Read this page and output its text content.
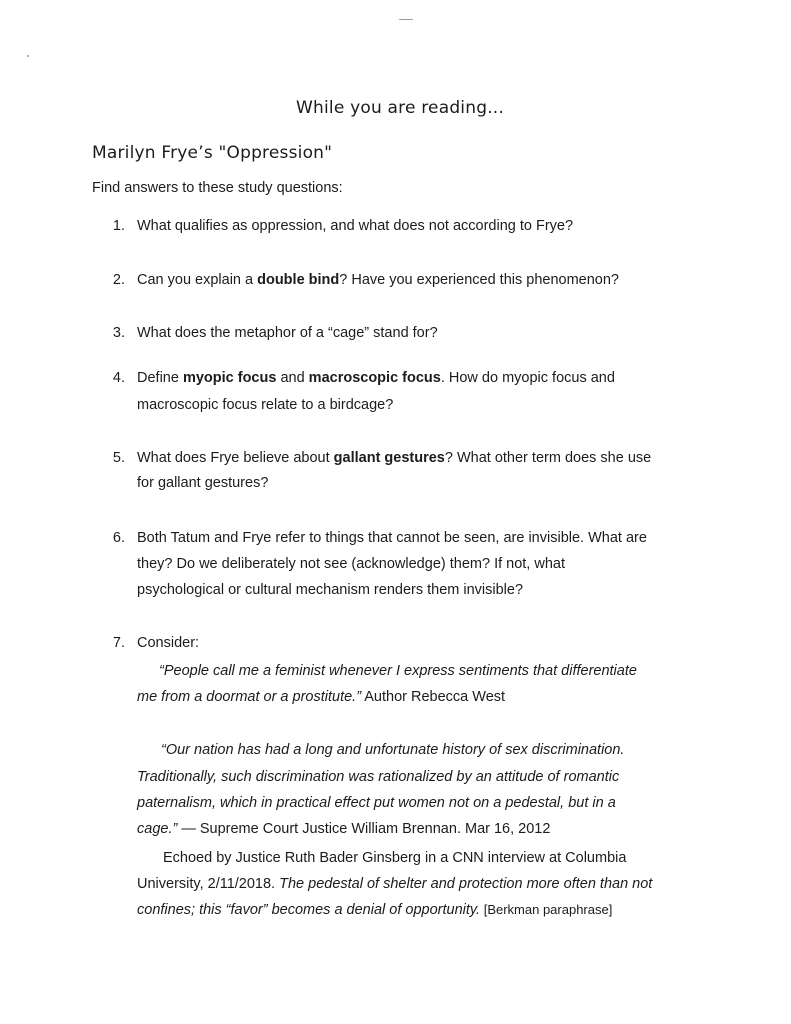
While you are reading...
Marilyn Frye’s "Oppression"
Find answers to these study questions:
1. What qualifies as oppression, and what does not according to Frye?
2. Can you explain a double bind? Have you experienced this phenomenon?
3. What does the metaphor of a “cage” stand for?
4. Define myopic focus and macroscopic focus. How do myopic focus and
macroscopic focus relate to a birdcage?
5. What does Frye believe about gallant gestures? What other term does she use
for gallant gestures?
6. Both Tatum and Frye refer to things that cannot be seen, are invisible. What are
they? Do we deliberately not see (acknowledge) them? If not, what
psychological or cultural mechanism renders them invisible?
7. Consider:
“People call me a feminist whenever I express sentiments that differentiate
me from a doormat or a prostitute.” Author Rebecca West
“Our nation has had a long and unfortunate history of sex discrimination.
Traditionally, such discrimination was rationalized by an attitude of romantic
paternalism, which in practical effect put women not on a pedestal, but in a
cage.” — Supreme Court Justice William Brennan. Mar 16, 2012
Echoed by Justice Ruth Bader Ginsberg in a CNN interview at Columbia
University, 2/11/2018. The pedestal of shelter and protection more often than not
confines; this “favor” becomes a denial of opportunity. [Berkman paraphrase]
